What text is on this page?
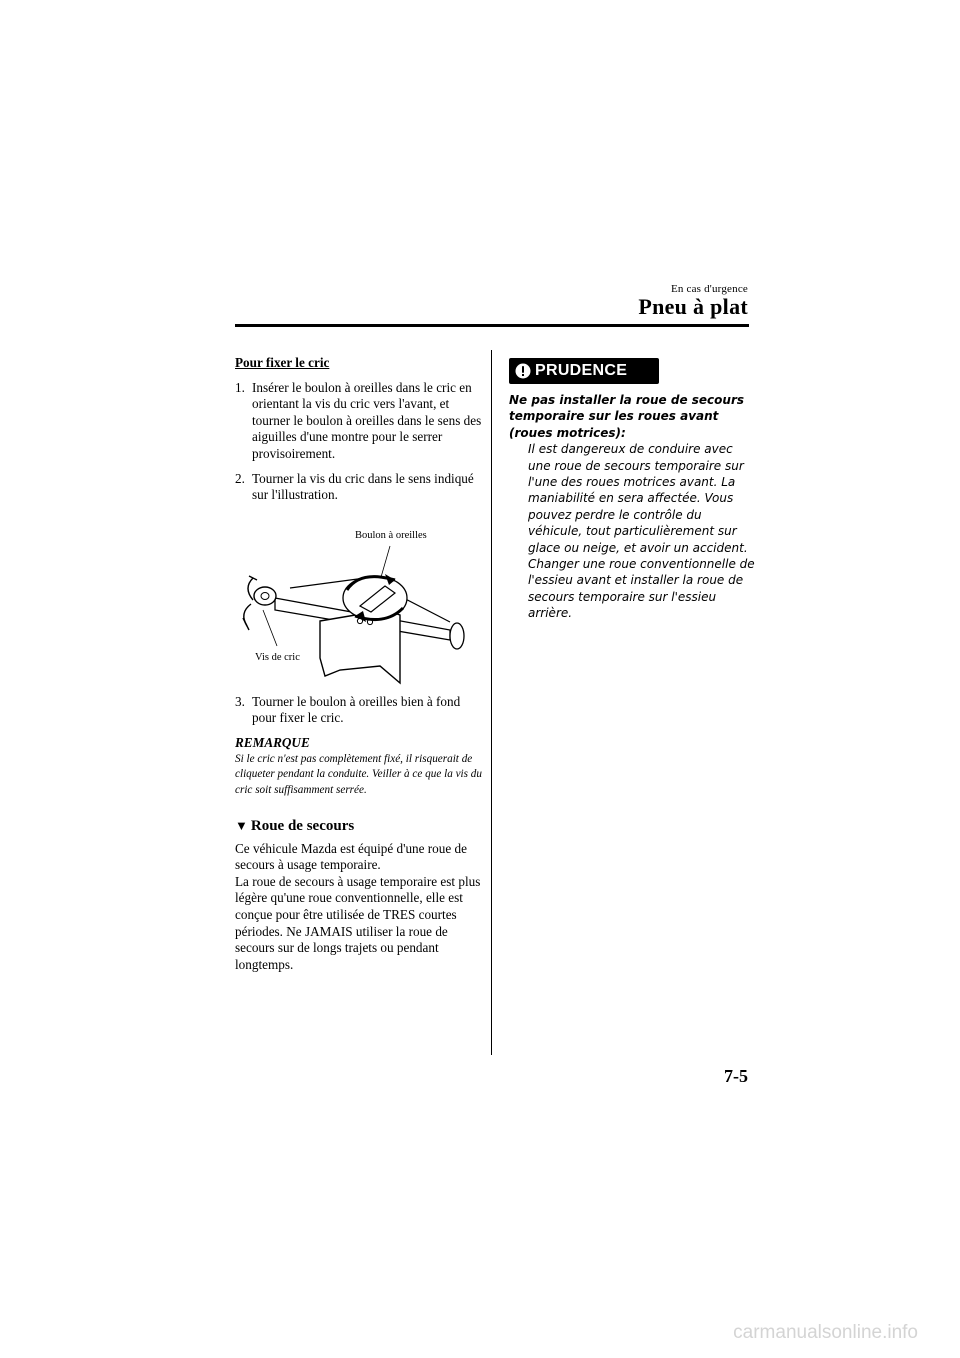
En cas d'urgence
Pneu à plat
Pour fixer le cric
1. Insérer le boulon à oreilles dans le cric en orientant la vis du cric vers l'avant, et tourner le boulon à oreilles dans le sens des aiguilles d'une montre pour le serrer provisoirement.
2. Tourner la vis du cric dans le sens indiqué sur l'illustration.
Boulon à oreilles
Vis de cric
3. Tourner le boulon à oreilles bien à fond pour fixer le cric.
REMARQUE
Si le cric n'est pas complètement fixé, il risquerait de cliqueter pendant la conduite. Veiller à ce que la vis du cric soit suffisamment serrée.
▼ Roue de secours

Ce véhicule Mazda est équipé d'une roue de secours à usage temporaire.

La roue de secours à usage temporaire est plus légère qu'une roue conventionnelle, elle est conçue pour être utilisée de TRES courtes périodes. Ne JAMAIS utiliser la roue de secours sur de longs trajets ou pendant longtemps.

PRUDENCE
Ne pas installer la roue de secours temporaire sur les roues avant (roues motrices):
Il est dangereux de conduire avec une roue de secours temporaire sur l'une des roues motrices avant. La maniabilité en sera affectée. Vous pouvez perdre le contrôle du véhicule, tout particulièrement sur glace ou neige, et avoir un accident. Changer une roue conventionnelle de l'essieu avant et installer la roue de secours temporaire sur l'essieu arrière.
7-5
carmanualsonline.info
